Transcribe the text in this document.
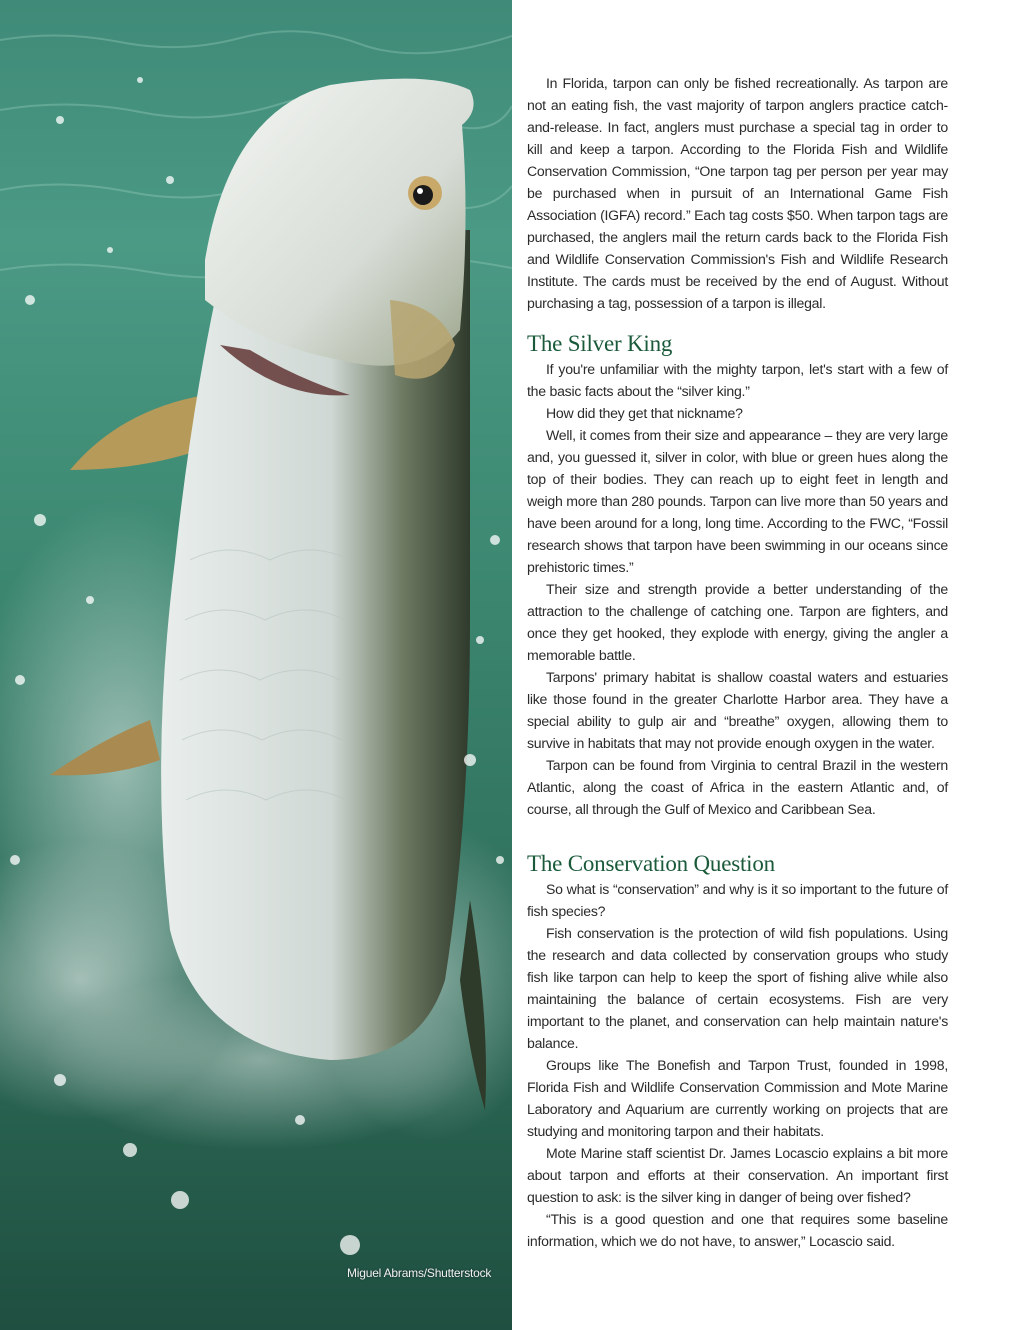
Miguel Abrams/Shutterstock

In Florida, tarpon can only be fished recreationally. As tarpon are not an eating fish, the vast majority of tarpon anglers practice catch-and-release. In fact, anglers must purchase a special tag in order to kill and keep a tarpon. According to the Florida Fish and Wildlife Conservation Commission, “One tarpon tag per person per year may be purchased when in pursuit of an International Game Fish Association (IGFA) record.” Each tag costs $50. When tarpon tags are purchased, the anglers mail the return cards back to the Florida Fish and Wildlife Conservation Commission's Fish and Wildlife Research Institute. The cards must be received by the end of August. Without purchasing a tag, possession of a tarpon is illegal.

The Silver King

If you're unfamiliar with the mighty tarpon, let's start with a few of the basic facts about the “silver king.”

How did they get that nickname?

Well, it comes from their size and appearance – they are very large and, you guessed it, silver in color, with blue or green hues along the top of their bodies. They can reach up to eight feet in length and weigh more than 280 pounds. Tarpon can live more than 50 years and have been around for a long, long time. According to the FWC, “Fossil research shows that tarpon have been swimming in our oceans since prehistoric times.”

Their size and strength provide a better understanding of the attraction to the challenge of catching one. Tarpon are fighters, and once they get hooked, they explode with energy, giving the angler a memorable battle.

Tarpons' primary habitat is shallow coastal waters and estuaries like those found in the greater Charlotte Harbor area. They have a special ability to gulp air and “breathe” oxygen, allowing them to survive in habitats that may not provide enough oxygen in the water.

Tarpon can be found from Virginia to central Brazil in the western Atlantic, along the coast of Africa in the eastern Atlantic and, of course, all through the Gulf of Mexico and Caribbean Sea.

The Conservation Question

So what is “conservation” and why is it so important to the future of fish species?

Fish conservation is the protection of wild fish populations. Using the research and data collected by conservation groups who study fish like tarpon can help to keep the sport of fishing alive while also maintaining the balance of certain ecosystems. Fish are very important to the planet, and conservation can help maintain nature's balance.

Groups like The Bonefish and Tarpon Trust, founded in 1998, Florida Fish and Wildlife Conservation Commission and Mote Marine Laboratory and Aquarium are currently working on projects that are studying and monitoring tarpon and their habitats.

Mote Marine staff scientist Dr. James Locascio explains a bit more about tarpon and efforts at their conservation. An important first question to ask: is the silver king in danger of being over fished?

“This is a good question and one that requires some baseline information, which we do not have, to answer,” Locascio said.
